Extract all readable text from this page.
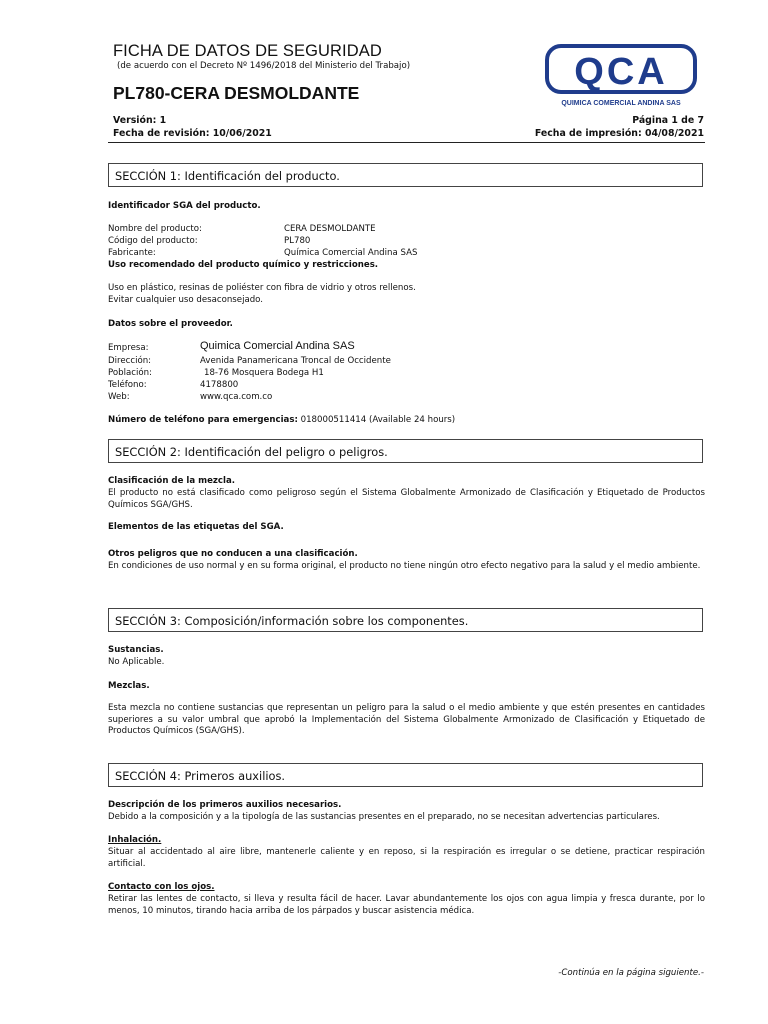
FICHA DE DATOS DE SEGURIDAD
(de acuerdo con el Decreto Nº 1496/2018 del Ministerio del Trabajo)
PL780-CERA DESMOLDANTE	QCA
QUIMICA COMERCIAL ANDINA SAS
Versión: 1
Fecha de revisión: 10/06/2021
Página 1 de 7
Fecha de impresión: 04/08/2021
SECCIÓN 1: Identificación del producto.
Identificador SGA del producto.
Nombre del producto:	CERA DESMOLDANTE
Código del producto:	PL780
Fabricante:	Química Comercial Andina SAS
Uso recomendado del producto químico y restricciones.
Uso en plástico, resinas de poliéster con fibra de vidrio y otros rellenos.
Evitar cualquier uso desaconsejado.
Datos sobre el proveedor.
Empresa:	Quimica Comercial Andina SAS
Dirección:	Avenida Panamericana Troncal de Occidente
Población:	18-76 Mosquera Bodega H1
Teléfono:	4178800
Web:	www.qca.com.co
Número de teléfono para emergencias: 018000511414 (Available 24 hours)
SECCIÓN 2: Identificación del peligro o peligros.
Clasificación de la mezcla.
El producto no está clasificado como peligroso según el Sistema Globalmente Armonizado de Clasificación y Etiquetado de Productos Químicos SGA/GHS.
Elementos de las etiquetas del SGA.
Otros peligros que no conducen a una clasificación.
En condiciones de uso normal y en su forma original, el producto no tiene ningún otro efecto negativo para la salud y el medio ambiente.
SECCIÓN 3: Composición/información sobre los componentes.
Sustancias.
No Aplicable.
Mezclas.
Esta mezcla no contiene sustancias que representan un peligro para la salud o el medio ambiente y que estén presentes en cantidades superiores a su valor umbral que aprobó la Implementación del Sistema Globalmente Armonizado de Clasificación y Etiquetado de Productos Químicos (SGA/GHS).
SECCIÓN 4: Primeros auxilios.
Descripción de los primeros auxilios necesarios.
Debido a la composición y a la tipología de las sustancias presentes en el preparado, no se necesitan advertencias particulares.
Inhalación.
Situar al accidentado al aire libre, mantenerle caliente y en reposo, si la respiración es irregular o se detiene, practicar respiración artificial.
Contacto con los ojos.
Retirar las lentes de contacto, si lleva y resulta fácil de hacer. Lavar abundantemente los ojos con agua limpia y fresca durante, por lo menos, 10 minutos, tirando hacia arriba de los párpados y buscar asistencia médica.
-Continúa en la página siguiente.-
